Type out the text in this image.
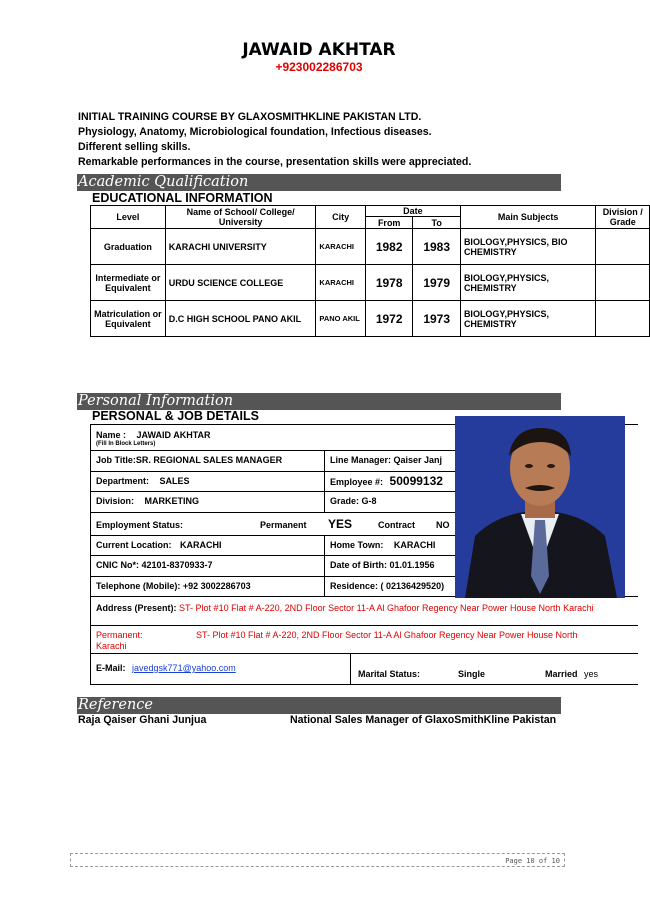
JAWAID AKHTAR
+923002286703
INITIAL TRAINING COURSE BY GLAXOSMITHKLINE PAKISTAN LTD.
Physiology, Anatomy, Microbiological foundation, Infectious diseases.
Different selling skills.
Remarkable performances in the course, presentation skills were appreciated.
Academic Qualification
EDUCATIONAL INFORMATION
Level	Name of School/ College/ University	City	Date		Main Subjects	Division / Grade
			From	To		
Graduation	KARACHI UNIVERSITY	KARACHI	1982	1983	BIOLOGY,PHYSICS, BIO CHEMISTRY	
Intermediate or Equivalent	URDU SCIENCE COLLEGE	KARACHI	1978	1979	BIOLOGY,PHYSICS, CHEMISTRY	
Matriculation or Equivalent	D.C HIGH SCHOOL PANO AKIL	PANO AKIL	1972	1973	BIOLOGY,PHYSICS, CHEMISTRY	
Personal Information
PERSONAL & JOB DETAILS
Name : JAWAID AKHTAR
(Fill In Block Letters)
Job Title:SR. REGIONAL SALES MANAGER	Line Manager: Qaiser Janj
Department: SALES	Employee #: 50099132
Division: MARKETING	Grade: G-8
Employment Status:	Permanent YES	Contract NO
Current Location: KARACHI	Home Town: KARACHI
CNIC No*: 42101-8370933-7	Date of Birth: 01.01.1956
Telephone (Mobile): +92 3002286703	Residence: ( 02136429520)
Address (Present): ST- Plot #10 Flat # A-220, 2ND Floor Sector 11-A Al Ghafoor Regency Near Power House North Karachi
Permanent:	ST- Plot #10 Flat # A-220, 2ND Floor Sector 11-A Al Ghafoor Regency Near Power House North
Karachi
E-Mail: javedgsk771@yahoo.com
Marital Status:	Single	Married yes
Reference
Raja Qaiser Ghani Junjua	National Sales Manager of GlaxoSmithKline Pakistan
Page 10 of 10
